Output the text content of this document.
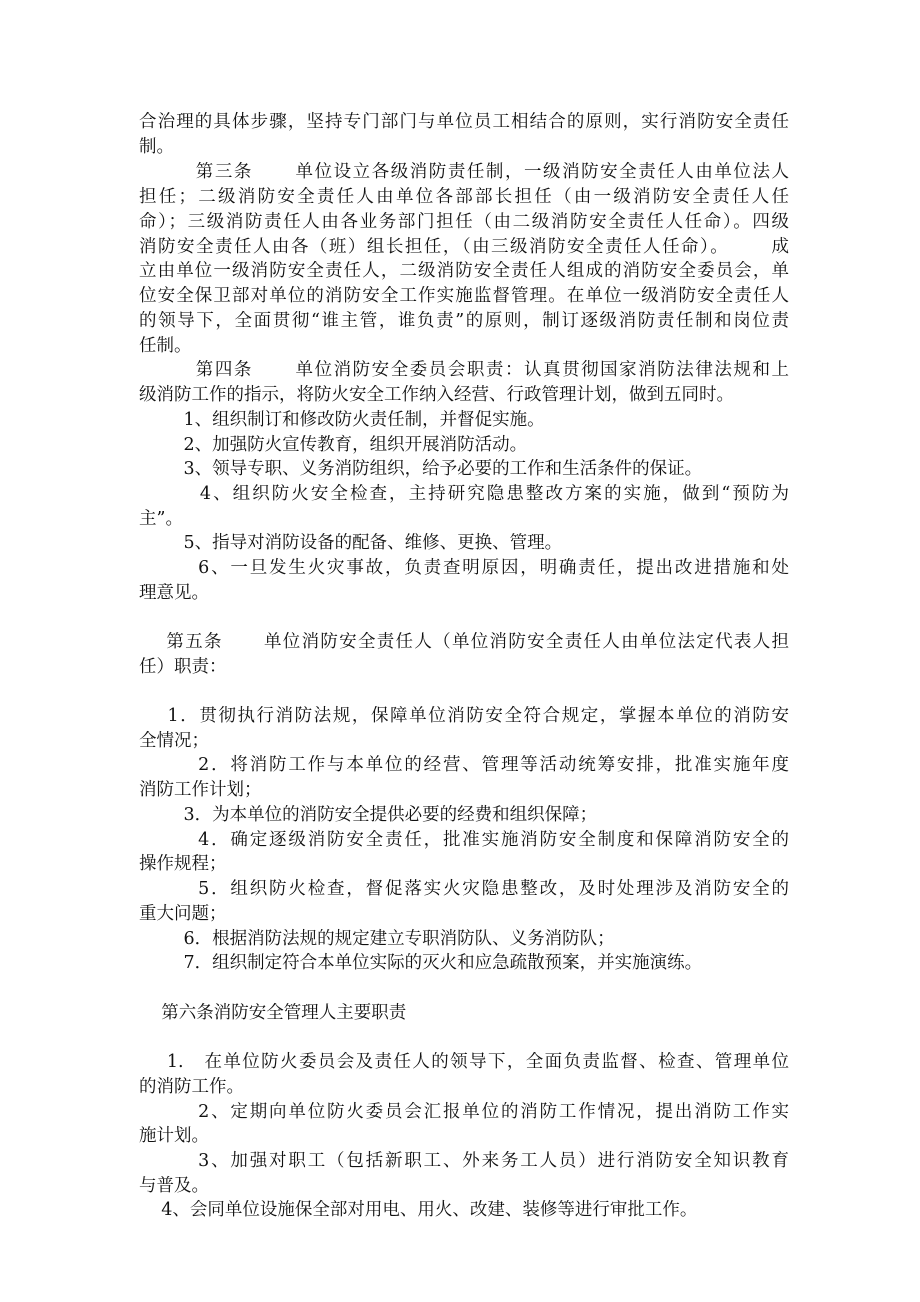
合治理的具体步骤，坚持专门部门与单位员工相结合的原则，实行消防安全责任

制。

第三条      单位设立各级消防责任制，一级消防安全责任人由单位法人

担任；二级消防安全责任人由单位各部部长担任（由一级消防安全责任人任

命）；三级消防责任人由各业务部门担任（由二级消防安全责任人任命）。四级

消防安全责任人由各（班）组长担任，（由三级消防安全责任人任命）。      成

立由单位一级消防安全责任人，二级消防安全责任人组成的消防安全委员会，单

位安全保卫部对单位的消防安全工作实施监督管理。在单位一级消防安全责任人

的领导下，全面贯彻“谁主管，谁负责”的原则，制订逐级消防责任制和岗位责

任制。

第四条      单位消防安全委员会职责：认真贯彻国家消防法律法规和上

级消防工作的指示，将防火安全工作纳入经营、行政管理计划，做到五同时。

1、组织制订和修改防火责任制，并督促实施。

2、加强防火宣传教育，组织开展消防活动。

3、领导专职、义务消防组织，给予必要的工作和生活条件的保证。

4、组织防火安全检查，主持研究隐患整改方案的实施，做到“预防为

主”。

5、指导对消防设备的配备、维修、更换、管理。

6、一旦发生火灾事故，负责查明原因，明确责任，提出改进措施和处

理意见。

第五条      单位消防安全责任人（单位消防安全责任人由单位法定代表人担

任）职责：

1．贯彻执行消防法规，保障单位消防安全符合规定，掌握本单位的消防安

全情况；

2．将消防工作与本单位的经营、管理等活动统筹安排，批准实施年度

消防工作计划；

3．为本单位的消防安全提供必要的经费和组织保障；

4．确定逐级消防安全责任，批准实施消防安全制度和保障消防安全的

操作规程；

5．组织防火检查，督促落实火灾隐患整改，及时处理涉及消防安全的

重大问题；

6．根据消防法规的规定建立专职消防队、义务消防队；

7．组织制定符合本单位实际的灭火和应急疏散预案，并实施演练。

第六条消防安全管理人主要职责

1.   在单位防火委员会及责任人的领导下，全面负责监督、检查、管理单位

的消防工作。

2、定期向单位防火委员会汇报单位的消防工作情况，提出消防工作实

施计划。

3、加强对职工（包括新职工、外来务工人员）进行消防安全知识教育

与普及。

4、会同单位设施保全部对用电、用火、改建、装修等进行审批工作。
